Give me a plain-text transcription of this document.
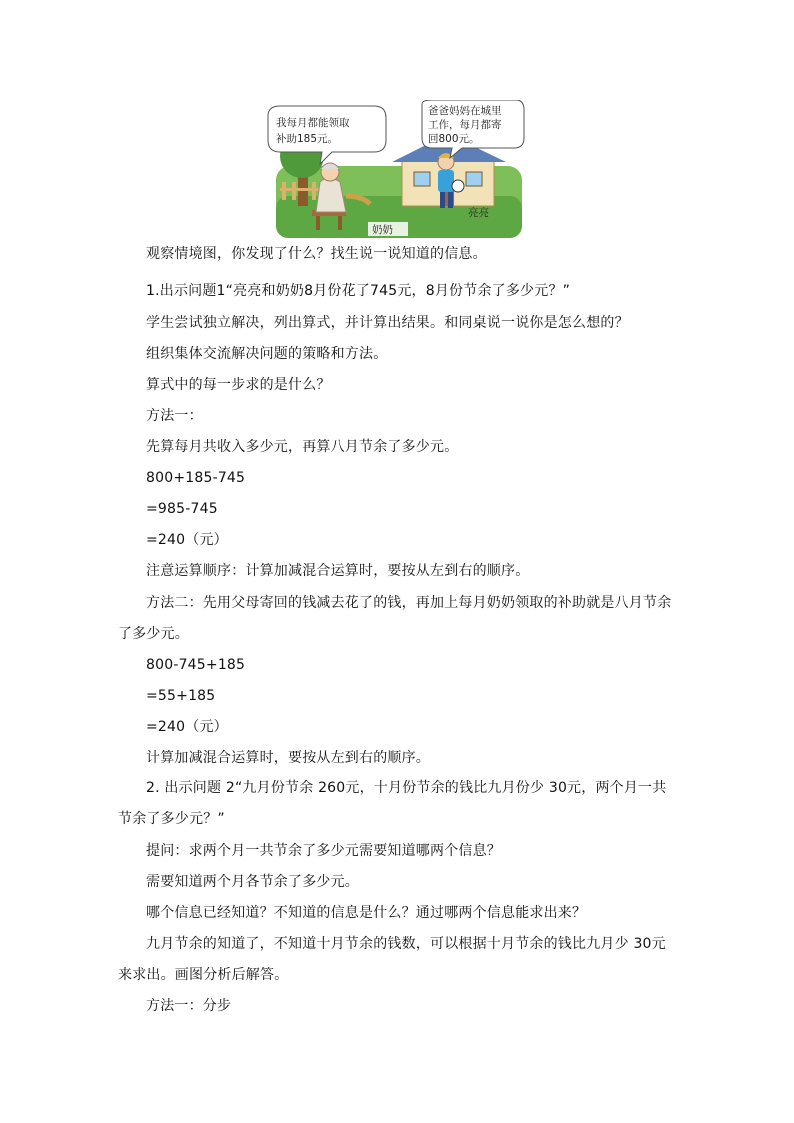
奶奶
亮亮
我每月都能领取
补助185元。
爸爸妈妈在城里
工作，每月都寄
回800元。
观察情境图，你发现了什么？找生说一说知道的信息。
1.出示问题1“亮亮和奶奶8月份花了745元，8月份节余了多少元？”
学生尝试独立解决，列出算式，并计算出结果。和同桌说一说你是怎么想的？
组织集体交流解决问题的策略和方法。
算式中的每一步求的是什么？
方法一：
先算每月共收入多少元，再算八月节余了多少元。
800+185-745
=985-745
=240（元）
注意运算顺序：计算加减混合运算时，要按从左到右的顺序。
方法二：先用父母寄回的钱减去花了的钱，再加上每月奶奶领取的补助就是八月节余了多少元。
800-745+185
=55+185
=240（元）
计算加减混合运算时，要按从左到右的顺序。
2. 出示问题 2“九月份节余 260元，十月份节余的钱比九月份少 30元，两个月一共节余了多少元？”
提问：求两个月一共节余了多少元需要知道哪两个信息？
需要知道两个月各节余了多少元。
哪个信息已经知道？不知道的信息是什么？通过哪两个信息能求出来？
九月节余的知道了，不知道十月节余的钱数，可以根据十月节余的钱比九月少 30元来求出。画图分析后解答。
方法一：分步
